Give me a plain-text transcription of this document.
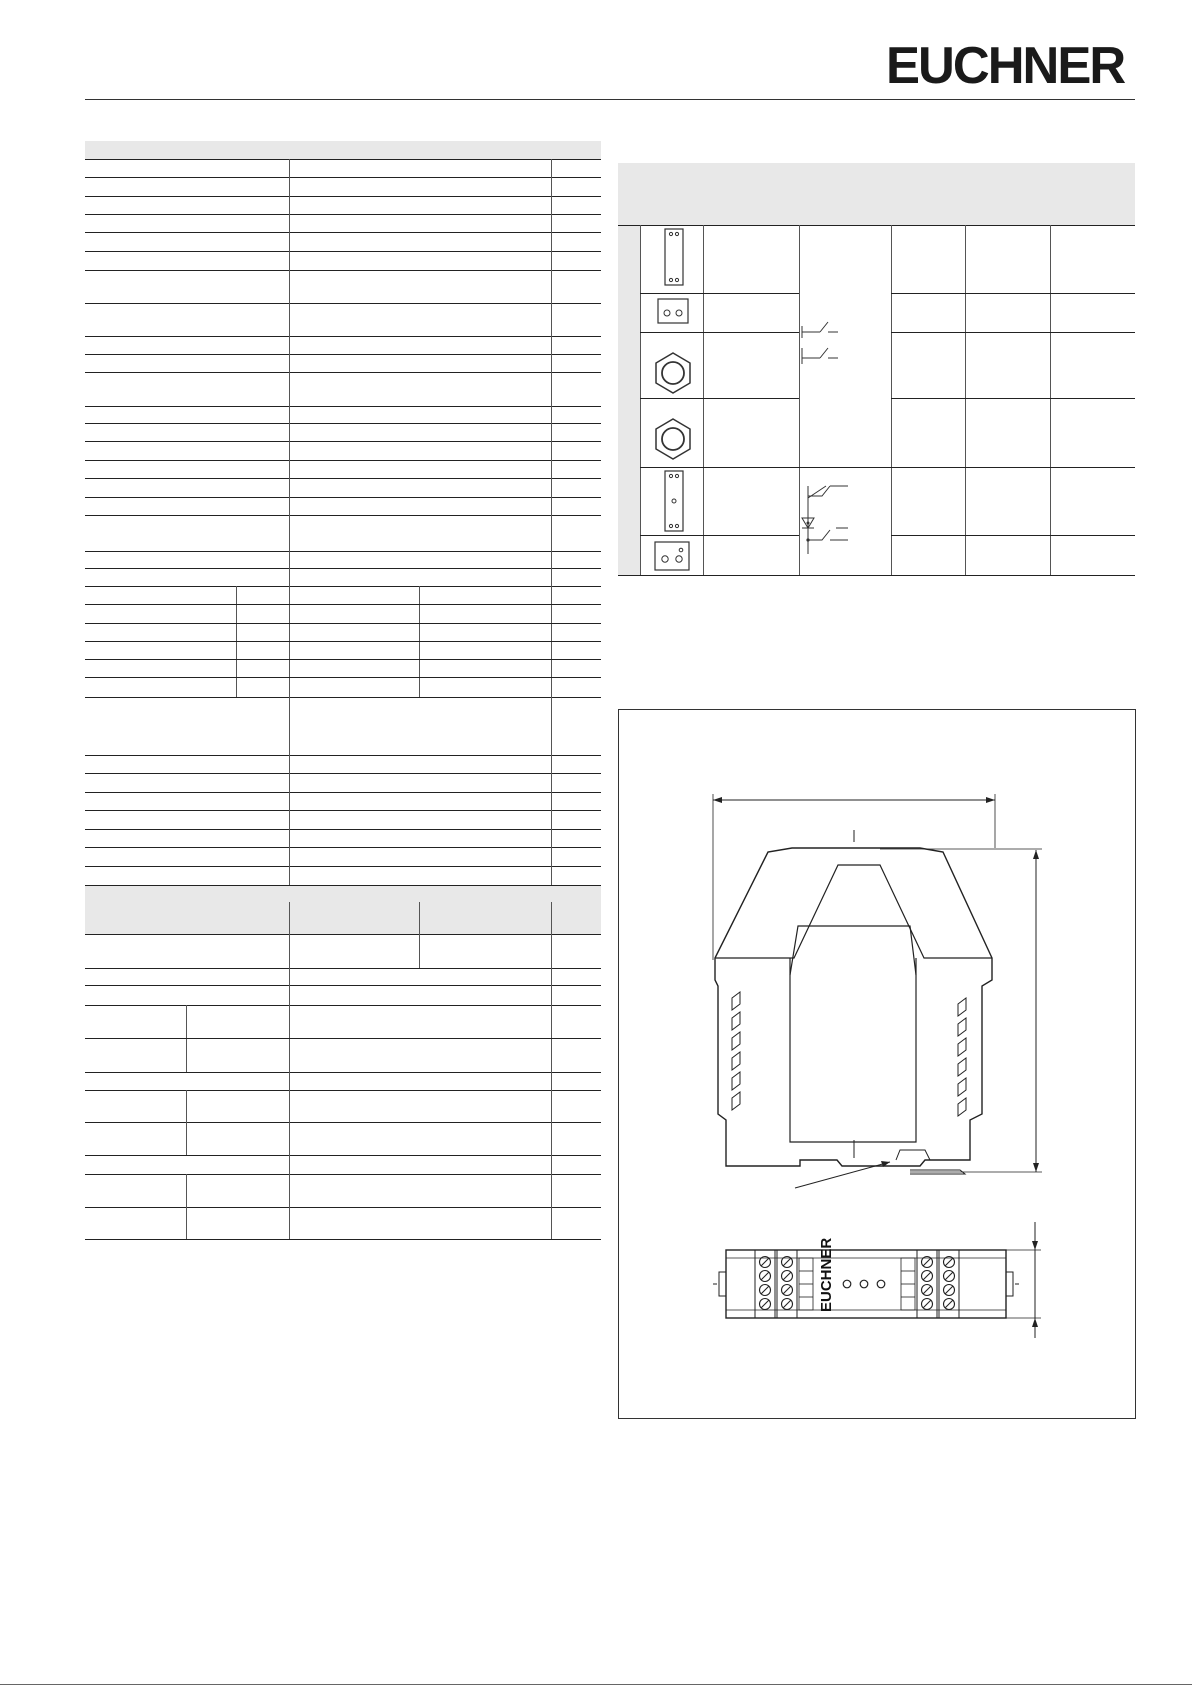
EUCHNER
EUCHNER
